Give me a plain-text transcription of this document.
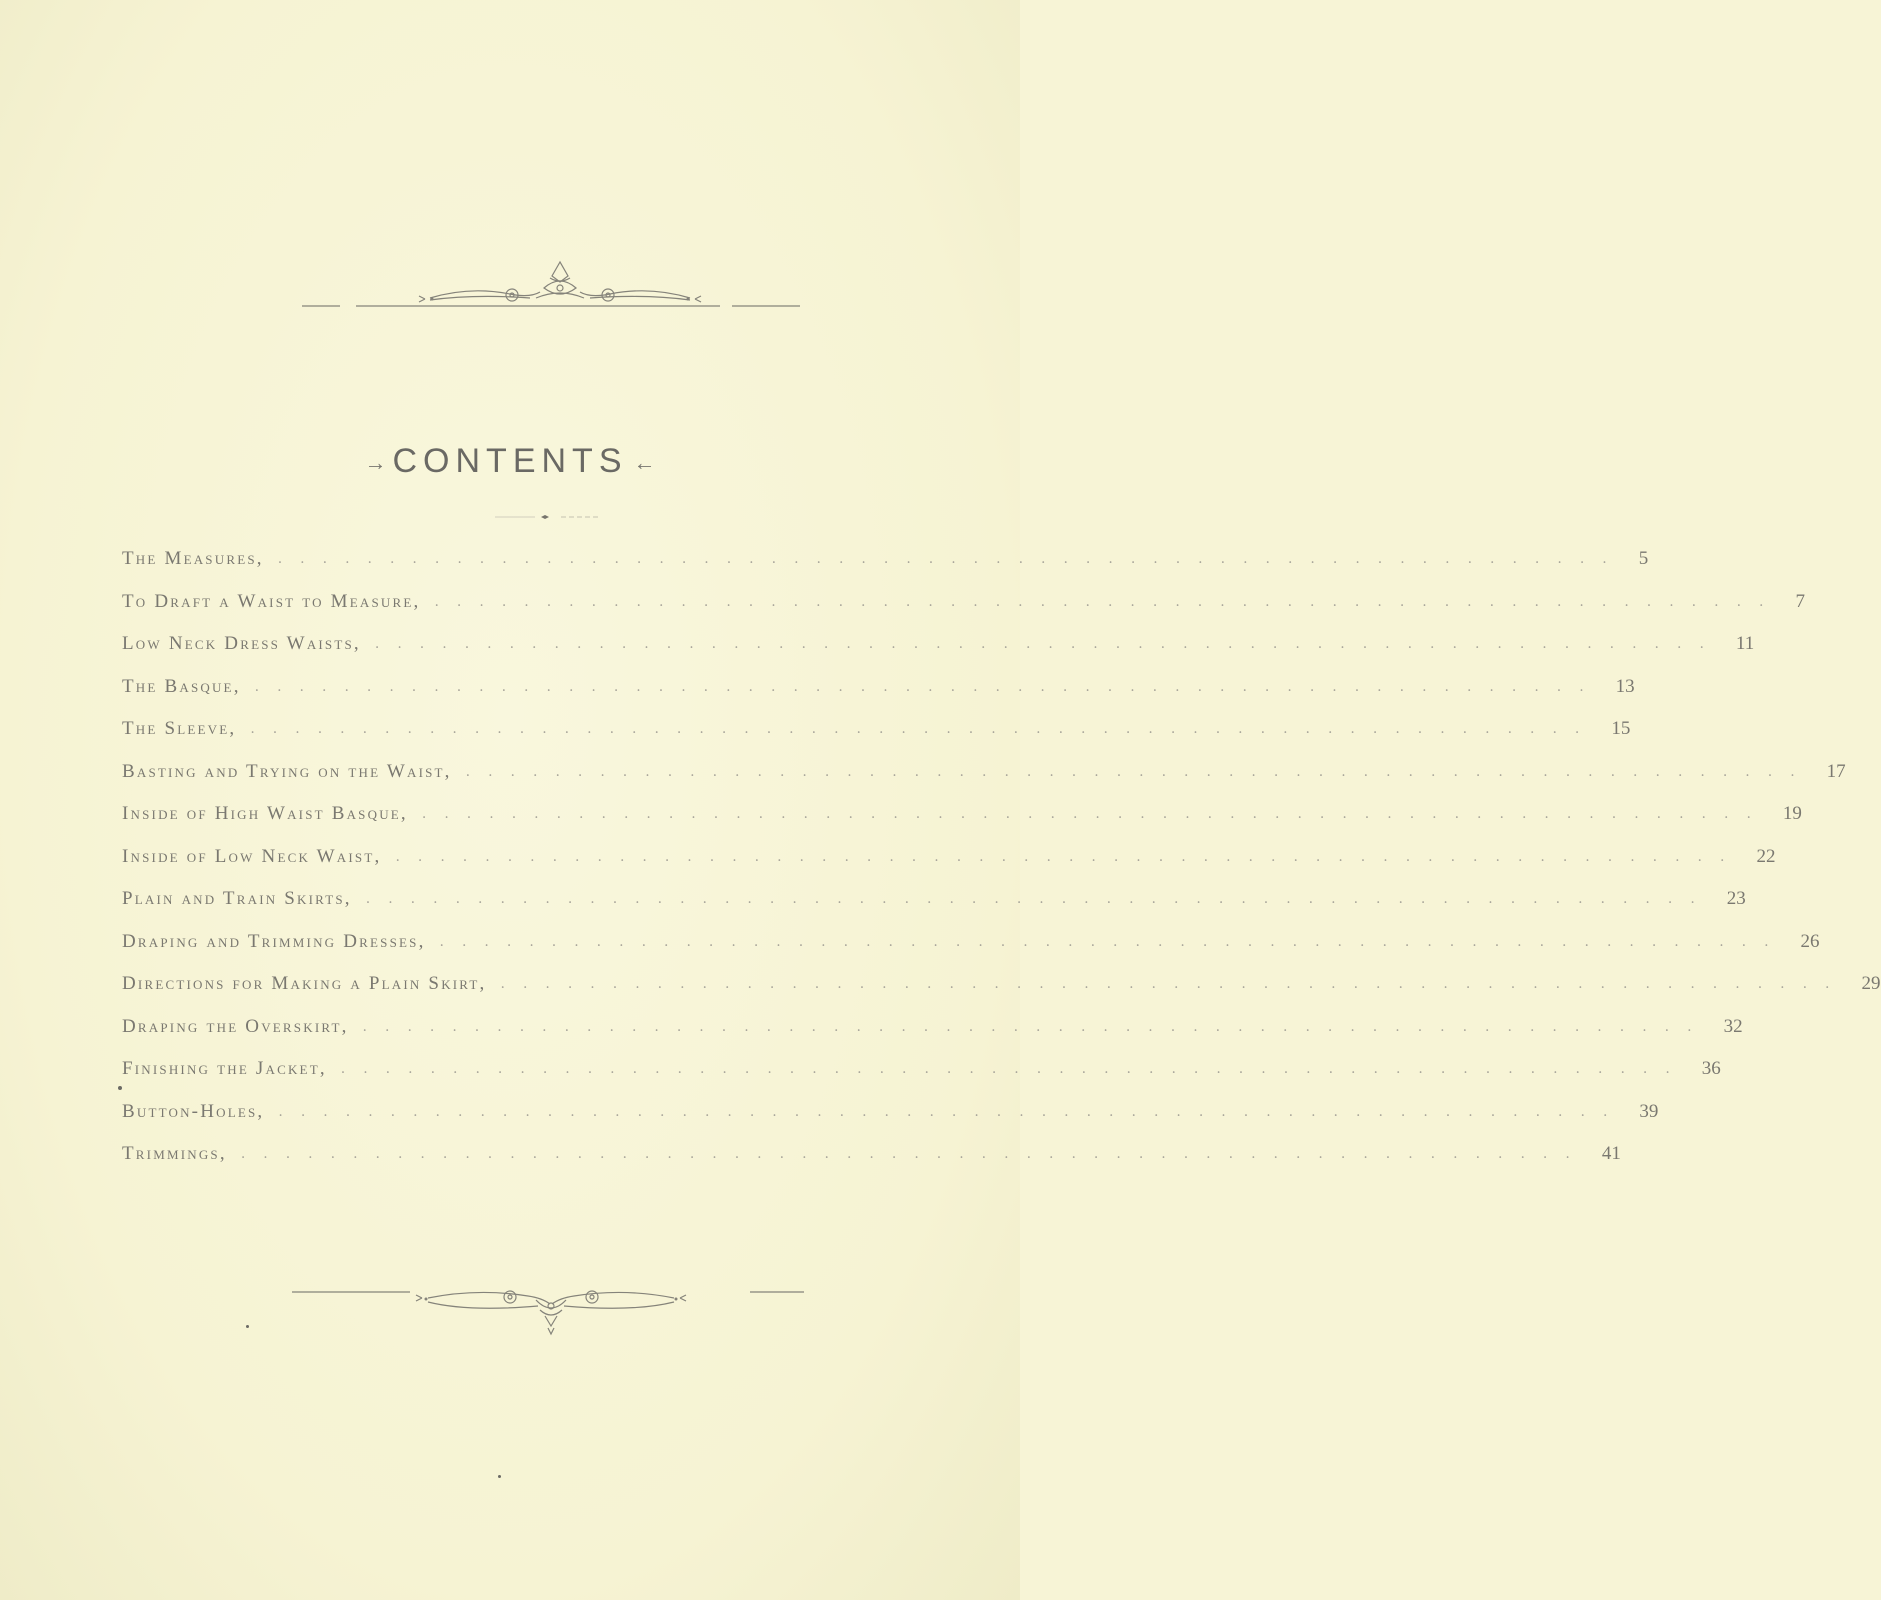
→ CONTENTS ←
The Measures, ............................................................ 5
To Draft a Waist to Measure, ............................................................ 7
Low Neck Dress Waists, ............................................................ 11
The Basque, ............................................................ 13
The Sleeve, ............................................................ 15
Basting and Trying on the Waist, ............................................................ 17
Inside of High Waist Basque, ............................................................ 19
Inside of Low Neck Waist, ............................................................ 22
Plain and Train Skirts, ............................................................ 23
Draping and Trimming Dresses, ............................................................ 26
Directions for Making a Plain Skirt, ............................................................ 29
Draping the Overskirt, ............................................................ 32
Finishing the Jacket, ............................................................ 36
Button-Holes, ............................................................ 39
Trimmings, ............................................................ 41
